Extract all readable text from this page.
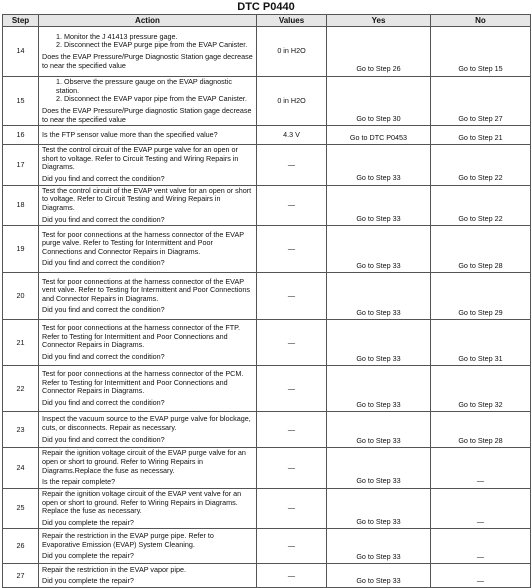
DTC P0440
Step	Action	Values	Yes	No
14	1. Monitor the J 41413 pressure gage.

2. Disconnect the EVAP purge pipe from the EVAP Canister.

Does the EVAP Pressure/Purge Diagnostic Station gage decrease to near the specified value	0 in H2O	Go to Step 26	Go to Step 15
15	1. Observe the pressure gauge on the EVAP diagnostic station.

2. Disconnect the EVAP vapor pipe from the EVAP Canister.

Does the EVAP Pressure/Purge diagnostic Station gage decrease to near the specified value	0 in H2O	Go to Step 30	Go to Step 27
16	Is the FTP sensor value more than the specified value?	4.3 V	Go to DTC P0453	Go to Step 21
17	Test the control circuit of the EVAP purge valve for an open or short to voltage. Refer to Circuit Testing and Wiring Repairs in Diagrams.

Did you find and correct the condition?	—	Go to Step 33	Go to Step 22
18	Test the control circuit of the EVAP vent valve for an open or short to voltage. Refer to Circuit Testing and Wiring Repairs in Diagrams.

Did you find and correct the condition?	—	Go to Step 33	Go to Step 22
19	Test for poor connections at the harness connector of the EVAP purge valve. Refer to Testing for Intermittent and Poor Connections and Connector Repairs in Diagrams.

Did you find and correct the condition?	—	Go to Step 33	Go to Step 28
20	Test for poor connections at the harness connector of the EVAP vent valve. Refer to Testing for Intermittent and Poor Connections and Connector Repairs in Diagrams.

Did you find and correct the condition?	—	Go to Step 33	Go to Step 29
21	Test for poor connections at the harness connector of the FTP. Refer to Testing for Intermittent and Poor Connections and Connector Repairs in Diagrams.

Did you find and correct the condition?	—	Go to Step 33	Go to Step 31
22	Test for poor connections at the harness connector of the PCM. Refer to Testing for Intermittent and Poor Connections and Connector Repairs in Diagrams.

Did you find and correct the condition?	—	Go to Step 33	Go to Step 32
23	Inspect the vacuum source to the EVAP purge valve for blockage, cuts, or disconnects. Repair as necessary.

Did you find and correct the condition?	—	Go to Step 33	Go to Step 28
24	Repair the ignition voltage circuit of the EVAP purge valve for an open or short to ground. Refer to Wiring Repairs in Diagrams.Replace the fuse as necessary.

Is the repair complete?	—	Go to Step 33	—
25	Repair the ignition voltage circuit of the EVAP vent valve for an open or short to ground. Refer to Wiring Repairs in Diagrams. Replace the fuse as necessary.

Did you complete the repair?	—	Go to Step 33	—
26	Repair the restriction in the EVAP purge pipe. Refer to Evaporative Emission (EVAP) System Cleaning.

Did you complete the repair?	—	Go to Step 33	—
27	Repair the restriction in the EVAP vapor pipe.

Did you complete the repair?	—	Go to Step 33	—
